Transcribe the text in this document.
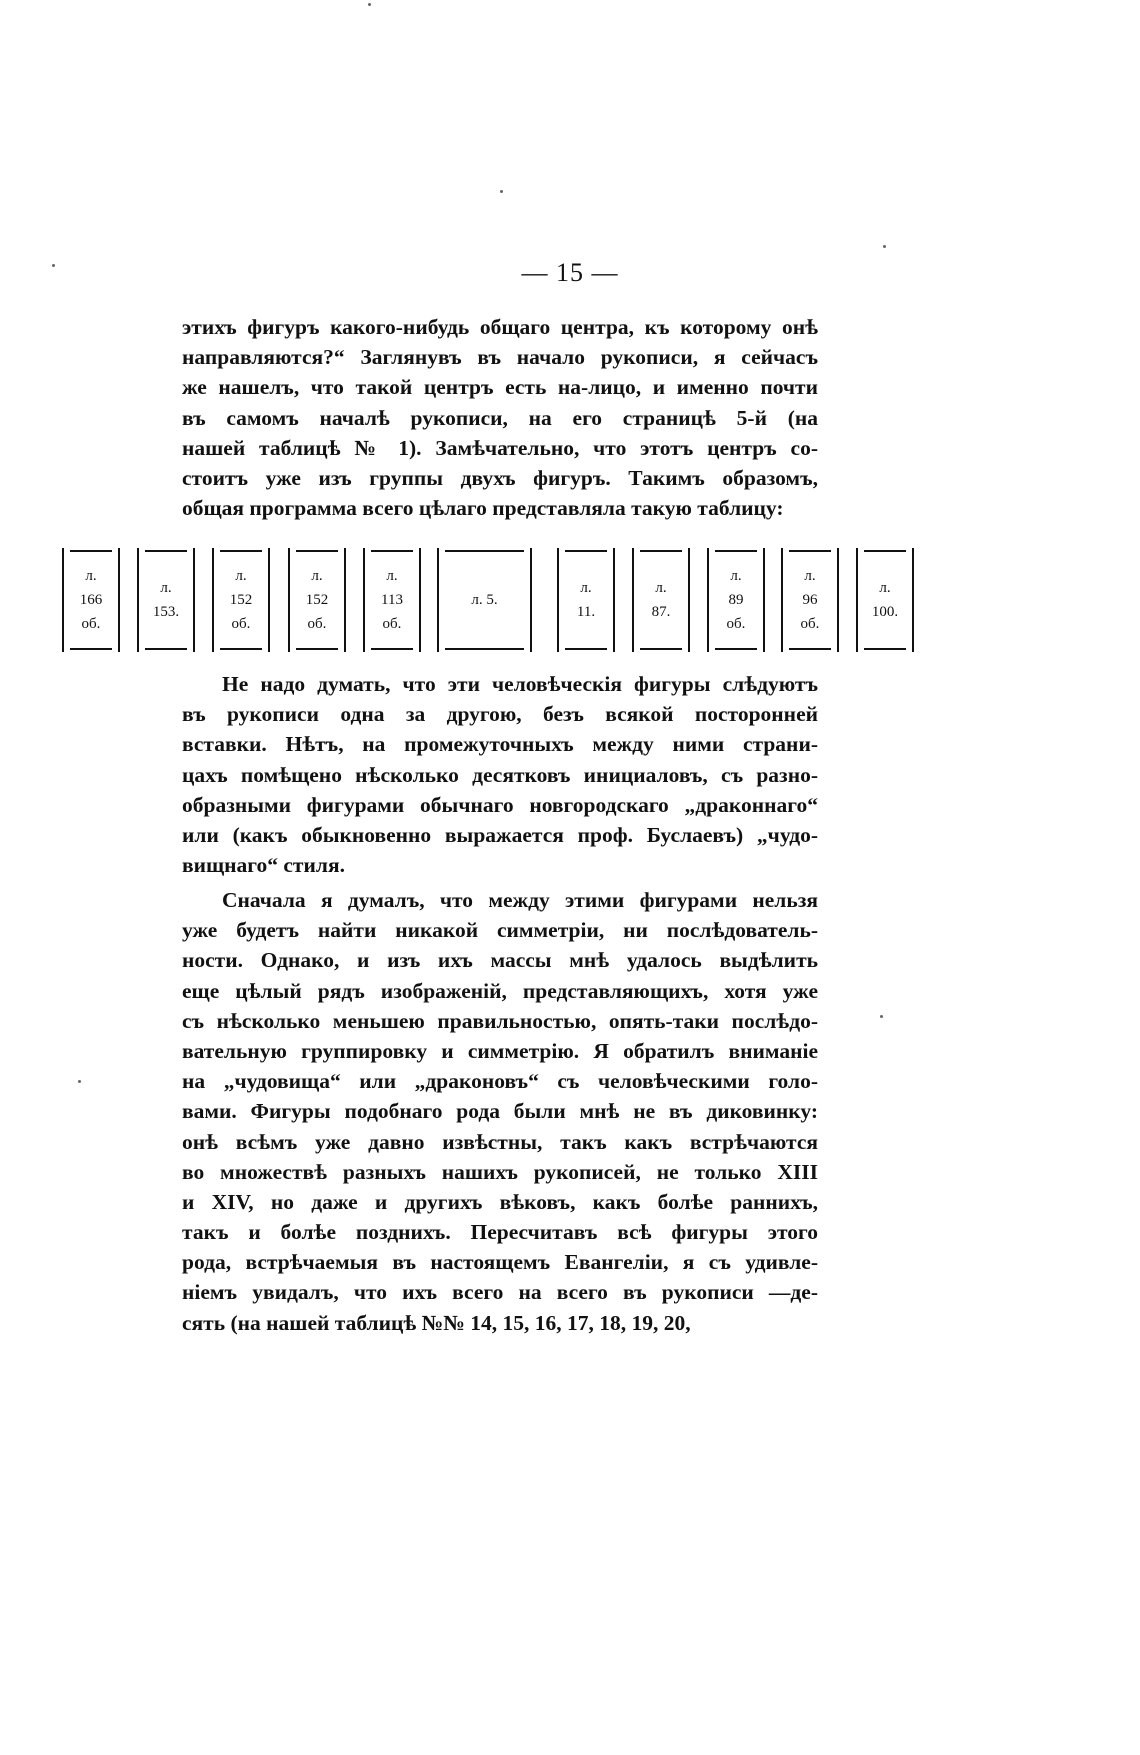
— 15 —
этихъ фигуръ какого-нибудь общаго центра, къ которому онѣ
направляются?“ Заглянувъ въ начало рукописи, я сейчасъ
же нашелъ, что такой центръ есть на-лицо, и именно почти
въ самомъ началѣ рукописи, на его страницѣ 5-й (на
нашей таблицѣ № 1). Замѣчательно, что этотъ центръ со-
стоитъ уже изъ группы двухъ фигуръ. Такимъ образомъ,
общая программа всего цѣлаго представляла такую таблицу:
л.
166
об.
л.
153.
л.
152
об.
л.
152
об.
л.
113
об.
л. 5.
л.
11.
л.
87.
л.
89
об.
л.
96
об.
л.
100.
Не надо думать, что эти человѣческія фигуры слѣдуютъ
въ рукописи одна за другою, безъ всякой посторонней
вставки. Нѣтъ, на промежуточныхъ между ними страни-
цахъ помѣщено нѣсколько десятковъ инициаловъ, съ разно-
образными фигурами обычнаго новгородскаго „драконнаго“
или (какъ обыкновенно выражается проф. Буслаевъ) „чудо-
вищнаго“ стиля.
Сначала я думалъ, что между этими фигурами нельзя
уже будетъ найти никакой симметріи, ни послѣдователь-
ности. Однако, и изъ ихъ массы мнѣ удалось выдѣлить
еще цѣлый рядъ изображеній, представляющихъ, хотя уже
съ нѣсколько меньшею правильностью, опять-таки послѣдо-
вательную группировку и симметрію. Я обратилъ вниманіе
на „чудовища“ или „драконовъ“ съ человѣческими голо-
вами. Фигуры подобнаго рода были мнѣ не въ диковинку:
онѣ всѣмъ уже давно извѣстны, такъ какъ встрѣчаются
во множествѣ разныхъ нашихъ рукописей, не только XIII
и XIV, но даже и другихъ вѣковъ, какъ болѣе раннихъ,
такъ и болѣе позднихъ. Пересчитавъ всѣ фигуры этого
рода, встрѣчаемыя въ настоящемъ Евангеліи, я съ удивле-
ніемъ увидалъ, что ихъ всего на всего въ рукописи —де-
сять (на нашей таблицѣ №№ 14, 15, 16, 17, 18, 19, 20,
